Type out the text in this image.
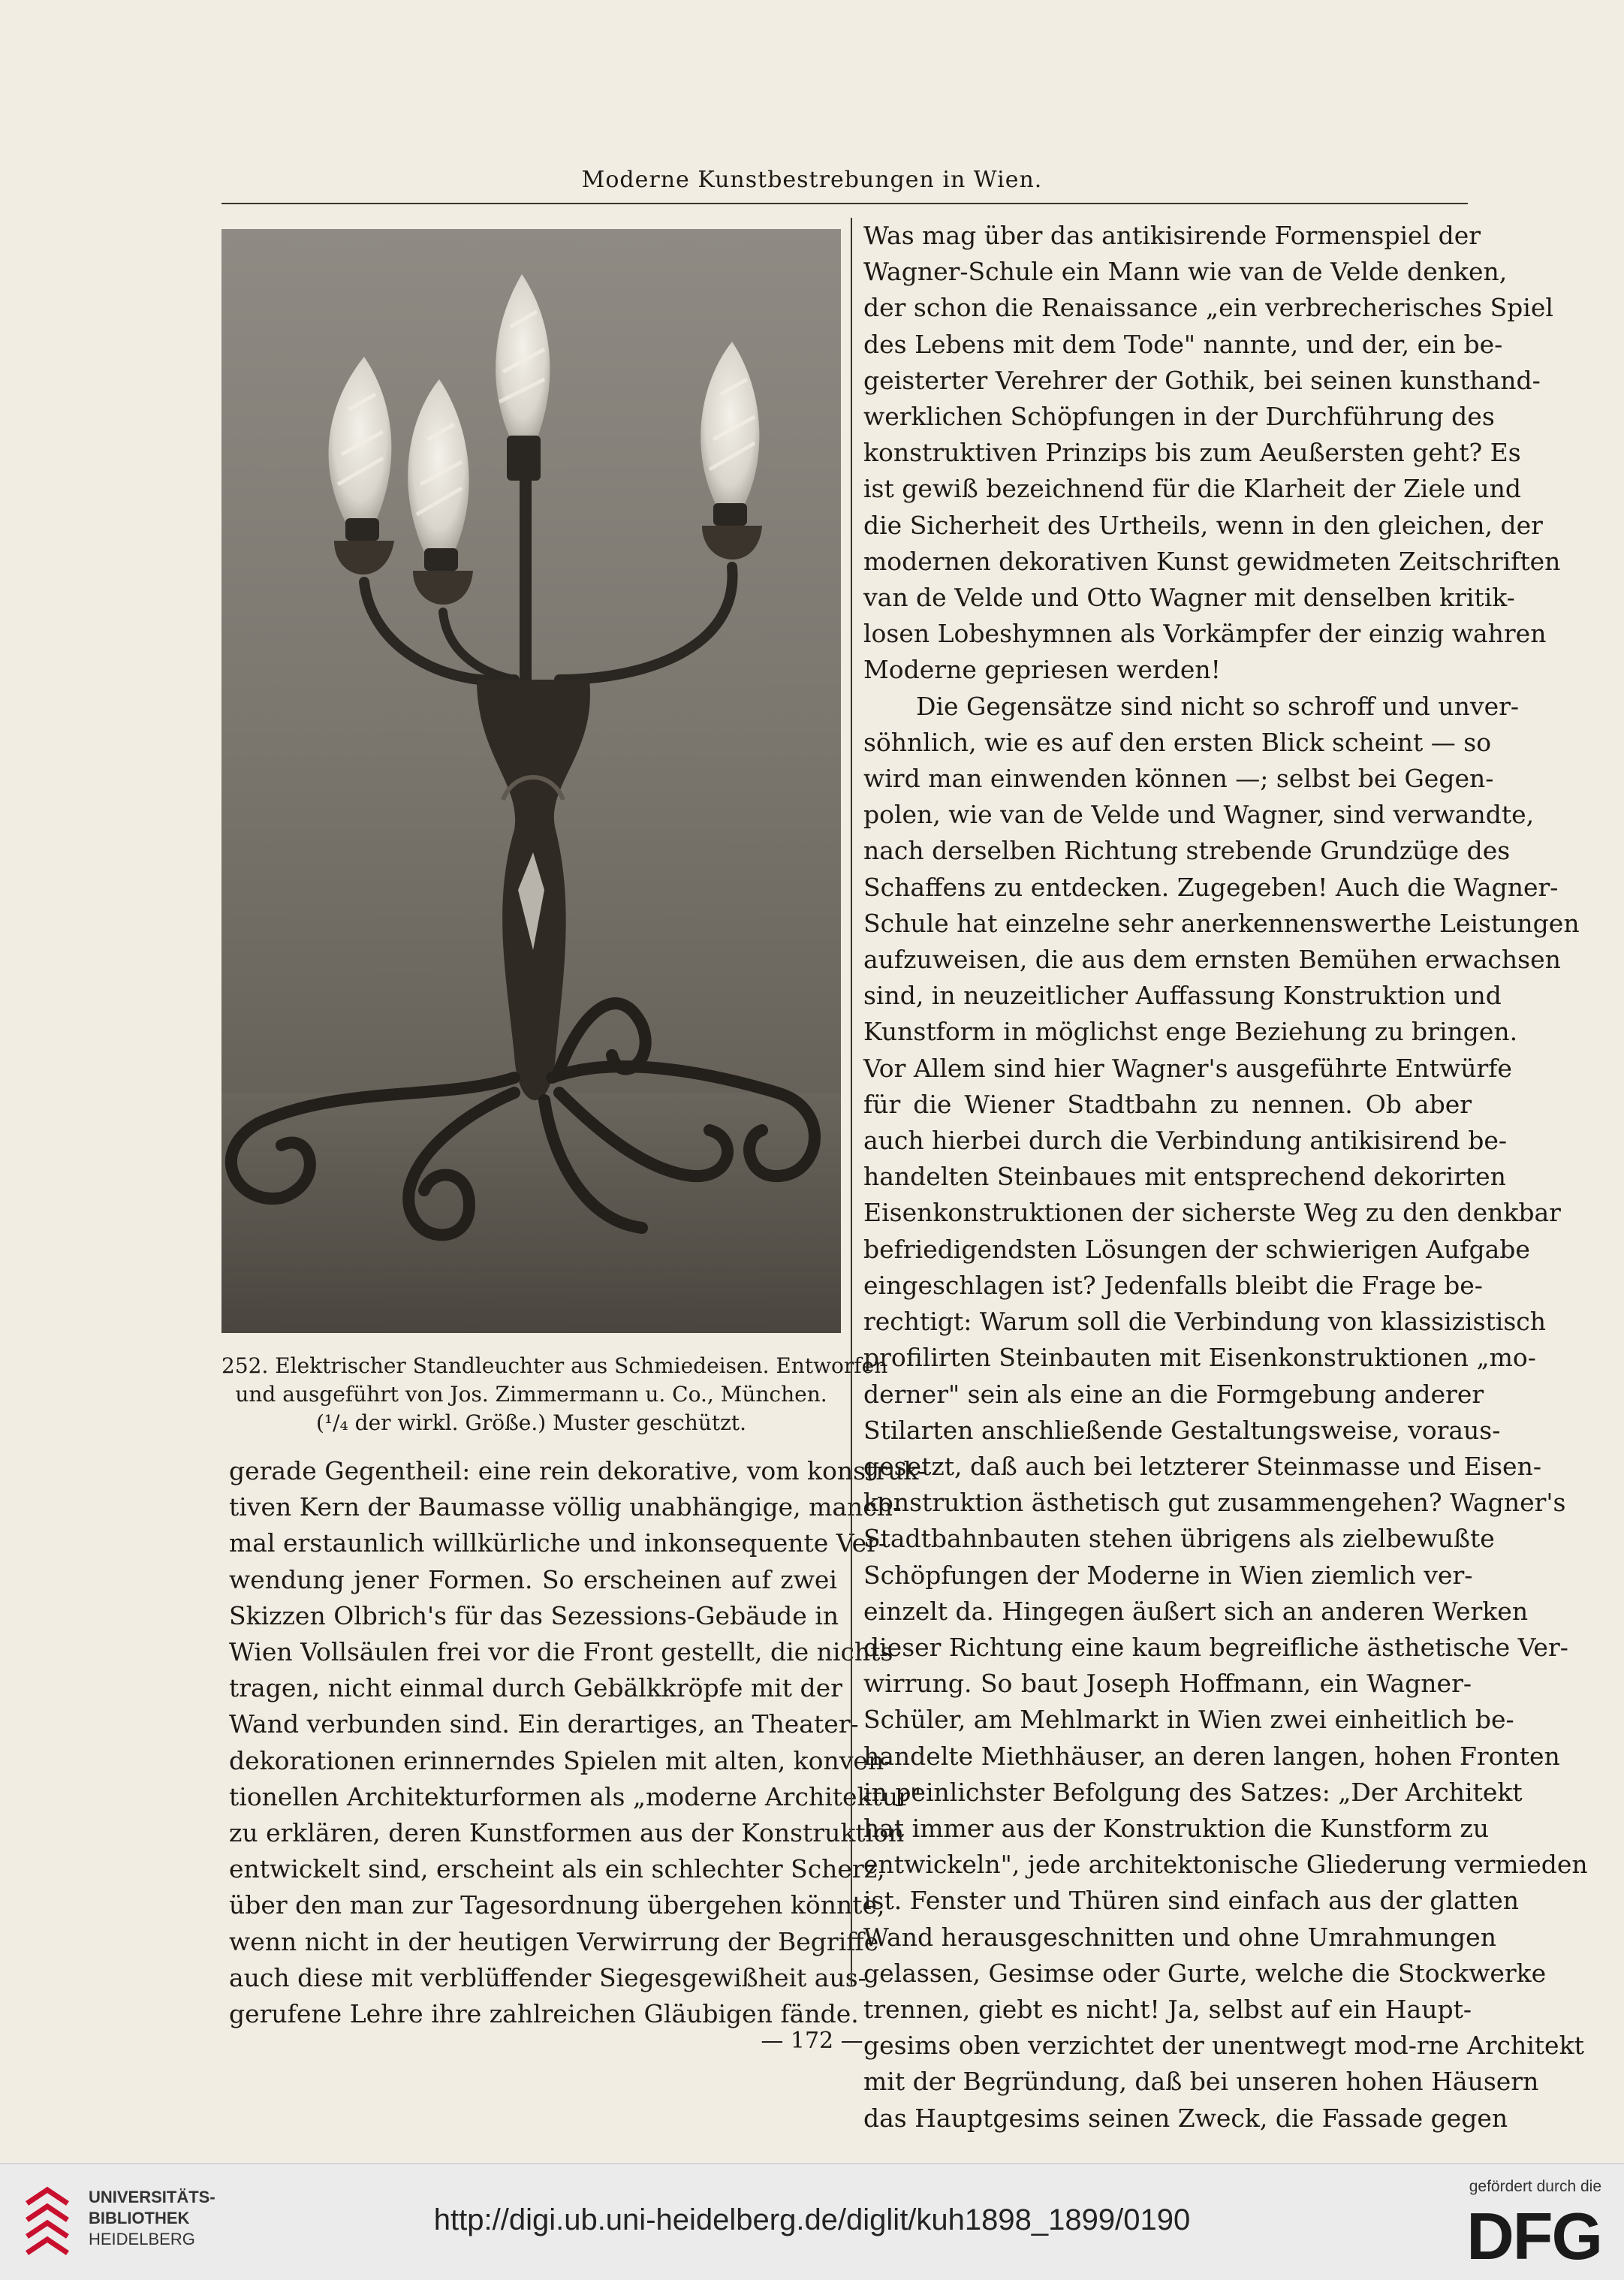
Moderne Kunstbestrebungen in Wien.
252. Elektrischer Standleuchter aus Schmiedeisen. Entworfen
und ausgeführt von Jos. Zimmermann u. Co., München.
(¹/₄ der wirkl. Größe.) Muster geschützt.
gerade Gegentheil: eine rein dekorative, vom konstruk-
tiven Kern der Baumasse völlig unabhängige, manch-
mal erstaunlich willkürliche und inkonsequente Ver-
wendung jener Formen. So erscheinen auf zwei
Skizzen Olbrich's für das Sezessions-Gebäude in
Wien Vollsäulen frei vor die Front gestellt, die nichts
tragen, nicht einmal durch Gebälkkröpfe mit der
Wand verbunden sind. Ein derartiges, an Theater-
dekorationen erinnerndes Spielen mit alten, konven-
tionellen Architekturformen als „moderne Architektur"
zu erklären, deren Kunstformen aus der Konstruktion
entwickelt sind, erscheint als ein schlechter Scherz,
über den man zur Tagesordnung übergehen könnte,
wenn nicht in der heutigen Verwirrung der Begriffe
auch diese mit verblüffender Siegesgewißheit aus-
gerufene Lehre ihre zahlreichen Gläubigen fände.
Was mag über das antikisirende Formenspiel der
Wagner-Schule ein Mann wie van de Velde denken,
der schon die Renaissance „ein verbrecherisches Spiel
des Lebens mit dem Tode" nannte, und der, ein be-
geisterter Verehrer der Gothik, bei seinen kunsthand-
werklichen Schöpfungen in der Durchführung des
konstruktiven Prinzips bis zum Aeußersten geht? Es
ist gewiß bezeichnend für die Klarheit der Ziele und
die Sicherheit des Urtheils, wenn in den gleichen, der
modernen dekorativen Kunst gewidmeten Zeitschriften
van de Velde und Otto Wagner mit denselben kritik-
losen Lobeshymnen als Vorkämpfer der einzig wahren
Moderne gepriesen werden!
Die Gegensätze sind nicht so schroff und unver-
söhnlich, wie es auf den ersten Blick scheint — so
wird man einwenden können —; selbst bei Gegen-
polen, wie van de Velde und Wagner, sind verwandte,
nach derselben Richtung strebende Grundzüge des
Schaffens zu entdecken. Zugegeben! Auch die Wagner-
Schule hat einzelne sehr anerkennenswerthe Leistungen
aufzuweisen, die aus dem ernsten Bemühen erwachsen
sind, in neuzeitlicher Auffassung Konstruktion und
Kunstform in möglichst enge Beziehung zu bringen.
Vor Allem sind hier Wagner's ausgeführte Entwürfe
für die Wiener Stadtbahn zu nennen. Ob aber
auch hierbei durch die Verbindung antikisirend be-
handelten Steinbaues mit entsprechend dekorirten
Eisenkonstruktionen der sicherste Weg zu den denkbar
befriedigendsten Lösungen der schwierigen Aufgabe
eingeschlagen ist? Jedenfalls bleibt die Frage be-
rechtigt: Warum soll die Verbindung von klassizistisch
profilirten Steinbauten mit Eisenkonstruktionen „mo-
derner" sein als eine an die Formgebung anderer
Stilarten anschließende Gestaltungsweise, voraus-
gesetzt, daß auch bei letzterer Steinmasse und Eisen-
konstruktion ästhetisch gut zusammengehen? Wagner's
Stadtbahnbauten stehen übrigens als zielbewußte
Schöpfungen der Moderne in Wien ziemlich ver-
einzelt da. Hingegen äußert sich an anderen Werken
dieser Richtung eine kaum begreifliche ästhetische Ver-
wirrung. So baut Joseph Hoffmann, ein Wagner-
Schüler, am Mehlmarkt in Wien zwei einheitlich be-
handelte Miethhäuser, an deren langen, hohen Fronten
in peinlichster Befolgung des Satzes: „Der Architekt
hat immer aus der Konstruktion die Kunstform zu
entwickeln", jede architektonische Gliederung vermieden
ist. Fenster und Thüren sind einfach aus der glatten
Wand herausgeschnitten und ohne Umrahmungen
gelassen, Gesimse oder Gurte, welche die Stockwerke
trennen, giebt es nicht! Ja, selbst auf ein Haupt-
gesims oben verzichtet der unentwegt mod-rne Architekt
mit der Begründung, daß bei unseren hohen Häusern
das Hauptgesims seinen Zweck, die Fassade gegen
— 172 —
UNIVERSITÄTS-
BIBLIOTHEK
HEIDELBERG
http://digi.ub.uni-heidelberg.de/diglit/kuh1898_1899/0190
gefördert durch die
DFG
